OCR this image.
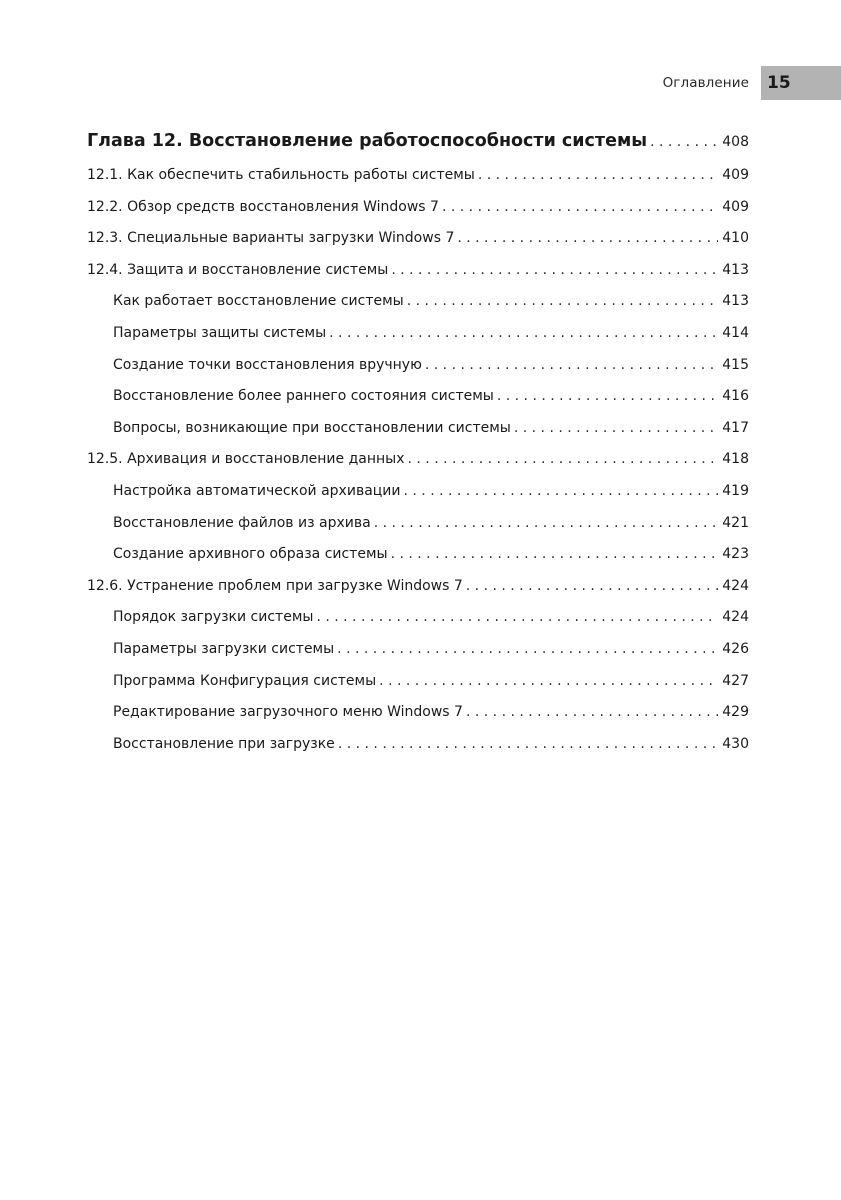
Оглавление	15
Глава 12. Восстановление работоспособности системы . . .	408
12.1. Как обеспечить стабильность работы системы . . .	409
12.2. Обзор средств восстановления Windows 7 . . .	409
12.3. Специальные варианты загрузки Windows 7 . . .	410
12.4. Защита и восстановление системы . . .	413
Как работает восстановление системы . . .	413
Параметры защиты системы . . .	414
Создание точки восстановления вручную . . .	415
Восстановление более раннего состояния системы . . .	416
Вопросы, возникающие при восстановлении системы . . .	417
12.5. Архивация и восстановление данных . . .	418
Настройка автоматической архивации . . .	419
Восстановление файлов из архива . . .	421
Создание архивного образа системы . . .	423
12.6. Устранение проблем при загрузке Windows 7 . . .	424
Порядок загрузки системы . . .	424
Параметры загрузки системы . . .	426
Программа Конфигурация системы . . .	427
Редактирование загрузочного меню Windows 7 . . .	429
Восстановление при загрузке . . .	430
